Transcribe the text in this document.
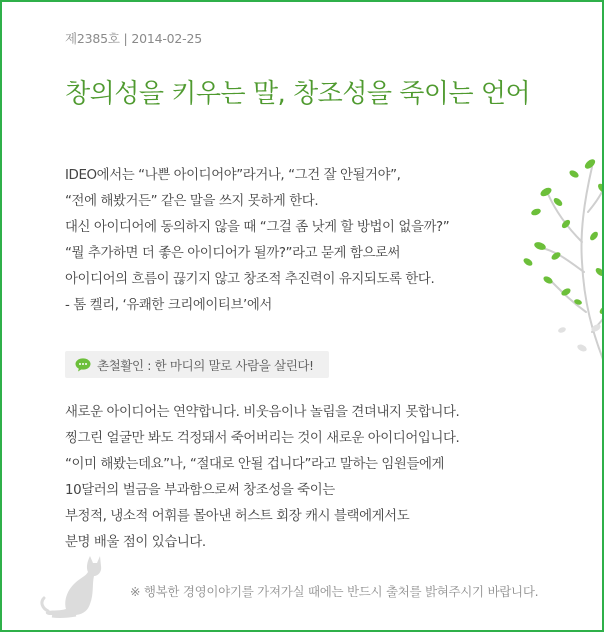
제2385호 | 2014-02-25
창의성을 키우는 말, 창조성을 죽이는 언어
IDEO에서는 “나쁜 아이디어야”라거나, “그건 잘 안될거야”,
“전에 해봤거든” 같은 말을 쓰지 못하게 한다.
대신 아이디어에 동의하지 않을 때 “그걸 좀 낫게 할 방법이 없을까?”
“뭘 추가하면 더 좋은 아이디어가 될까?”라고 묻게 함으로써
아이디어의 흐름이 끊기지 않고 창조적 추진력이 유지되도록 한다.
- 톰 켈리, ‘유쾌한 크리에이티브’에서
촌철활인 : 한 마디의 말로 사람을 살린다!
새로운 아이디어는 연약합니다. 비웃음이나 놀림을 견뎌내지 못합니다.
찡그린 얼굴만 봐도 걱정돼서 죽어버리는 것이 새로운 아이디어입니다.
“이미 해봤는데요”나, “절대로 안될 겁니다”라고 말하는 임원들에게
10달러의 벌금을 부과함으로써 창조성을 죽이는
부정적, 냉소적 어휘를 몰아낸 허스트 회장 캐시 블랙에게서도
분명 배울 점이 있습니다.
※ 행복한 경영이야기를 가져가실 때에는 반드시 출처를 밝혀주시기 바랍니다.
